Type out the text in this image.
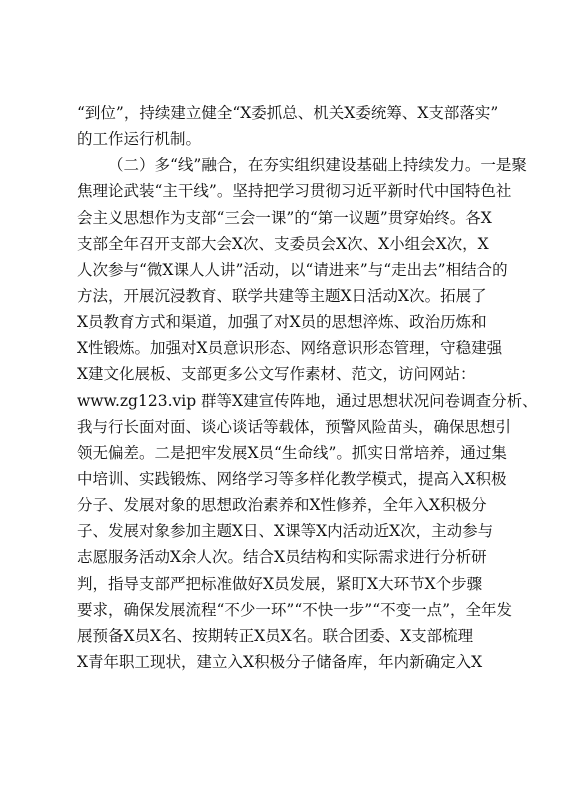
“到位”，持续建立健全“X委抓总、机关X委统筹、X支部落实”
的工作运行机制。
（二）多“线”融合，在夯实组织建设基础上持续发力。一是聚
焦理论武装“主干线”。坚持把学习贯彻习近平新时代中国特色社
会主义思想作为支部“三会一课”的“第一议题”贯穿始终。各X
支部全年召开支部大会X次、支委员会X次、X小组会X次，X
人次参与“微X课人人讲”活动，以“请进来”与“走出去”相结合的
方法，开展沉浸教育、联学共建等主题X日活动X次。拓展了
X员教育方式和渠道，加强了对X员的思想淬炼、政治历炼和
X性锻炼。加强对X员意识形态、网络意识形态管理，守稳建强
X建文化展板、支部更多公文写作素材、范文，访问网站：
www.zg123.vip 群等X建宣传阵地，通过思想状况问卷调查分析、
我与行长面对面、谈心谈话等载体，预警风险苗头，确保思想引
领无偏差。二是把牢发展X员“生命线”。抓实日常培养，通过集
中培训、实践锻炼、网络学习等多样化教学模式，提高入X积极
分子、发展对象的思想政治素养和X性修养，全年入X积极分
子、发展对象参加主题X日、X课等X内活动近X次，主动参与
志愿服务活动X余人次。结合X员结构和实际需求进行分析研
判，指导支部严把标准做好X员发展，紧盯X大环节X个步骤
要求，确保发展流程“不少一环”“不快一步”“不变一点”，全年发
展预备X员X名、按期转正X员X名。联合团委、X支部梳理
X青年职工现状，建立入X积极分子储备库，年内新确定入X
